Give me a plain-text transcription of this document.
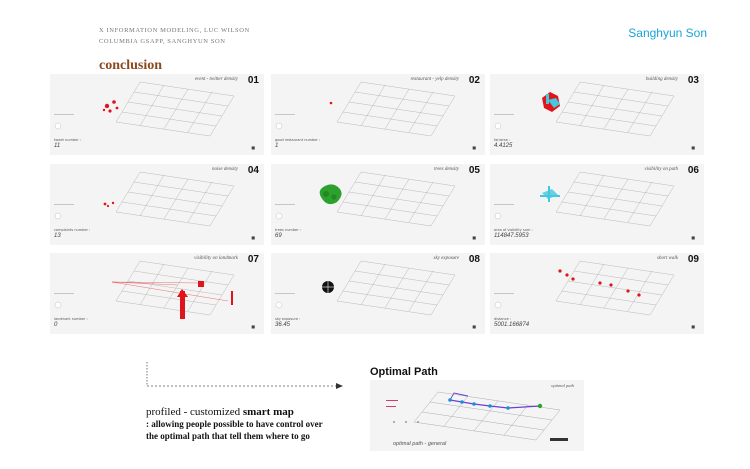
X INFORMATION MODELING, LUC WILSON
COLUMBIA GSAPP, SANGHYUN SON
Sanghyun Son
conclusion
event - twitter density 01
tweet number :
11	■
restaurant - yelp density 02
good restaurant number :
1	■
building density 03
far/area :
4.4125	■
noise density 04
complaints number :
13	■
trees density 05
trees number :
69	■
visibility on path 06
area of visibility sum :
114847.5953	■
visibility on landmark 07
landmark number :
0	■
sky exposure 08
sky exposure :
36.45	■
short walk 09
distance :
5001.166874	■
profiled - customized smart map
: allowing people possible to have control over
the optimal path that tell them where to go
Optimal Path
optimal path
optimal path - general
